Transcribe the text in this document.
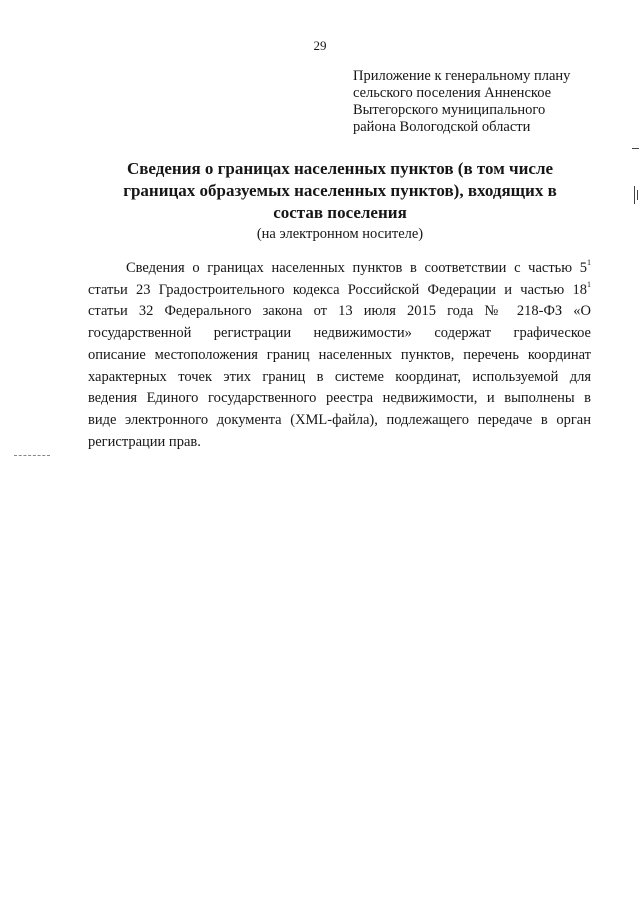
29
Приложение к генеральному плану
сельского поселения Анненское
Вытегорского муниципального
района Вологодской области
Сведения о границах населенных пунктов (в том числе
границах образуемых населенных пунктов), входящих в
состав поселения
(на электронном носителе)
Сведения о границах населенных пунктов в соответствии с частью $5^1$
статьи 23 Градостроительного кодекса Российской Федерации и частью $18^1$
статьи 32 Федерального закона от 13 июля 2015 года № 218-ФЗ «О
государственной регистрации недвижимости» содержат графическое
описание местоположения границ населенных пунктов, перечень координат
характерных точек этих границ в системе координат, используемой для
ведения Единого государственного реестра недвижимости, и выполнены в
виде электронного документа (XML-файла), подлежащего передаче в орган
регистрации прав.
